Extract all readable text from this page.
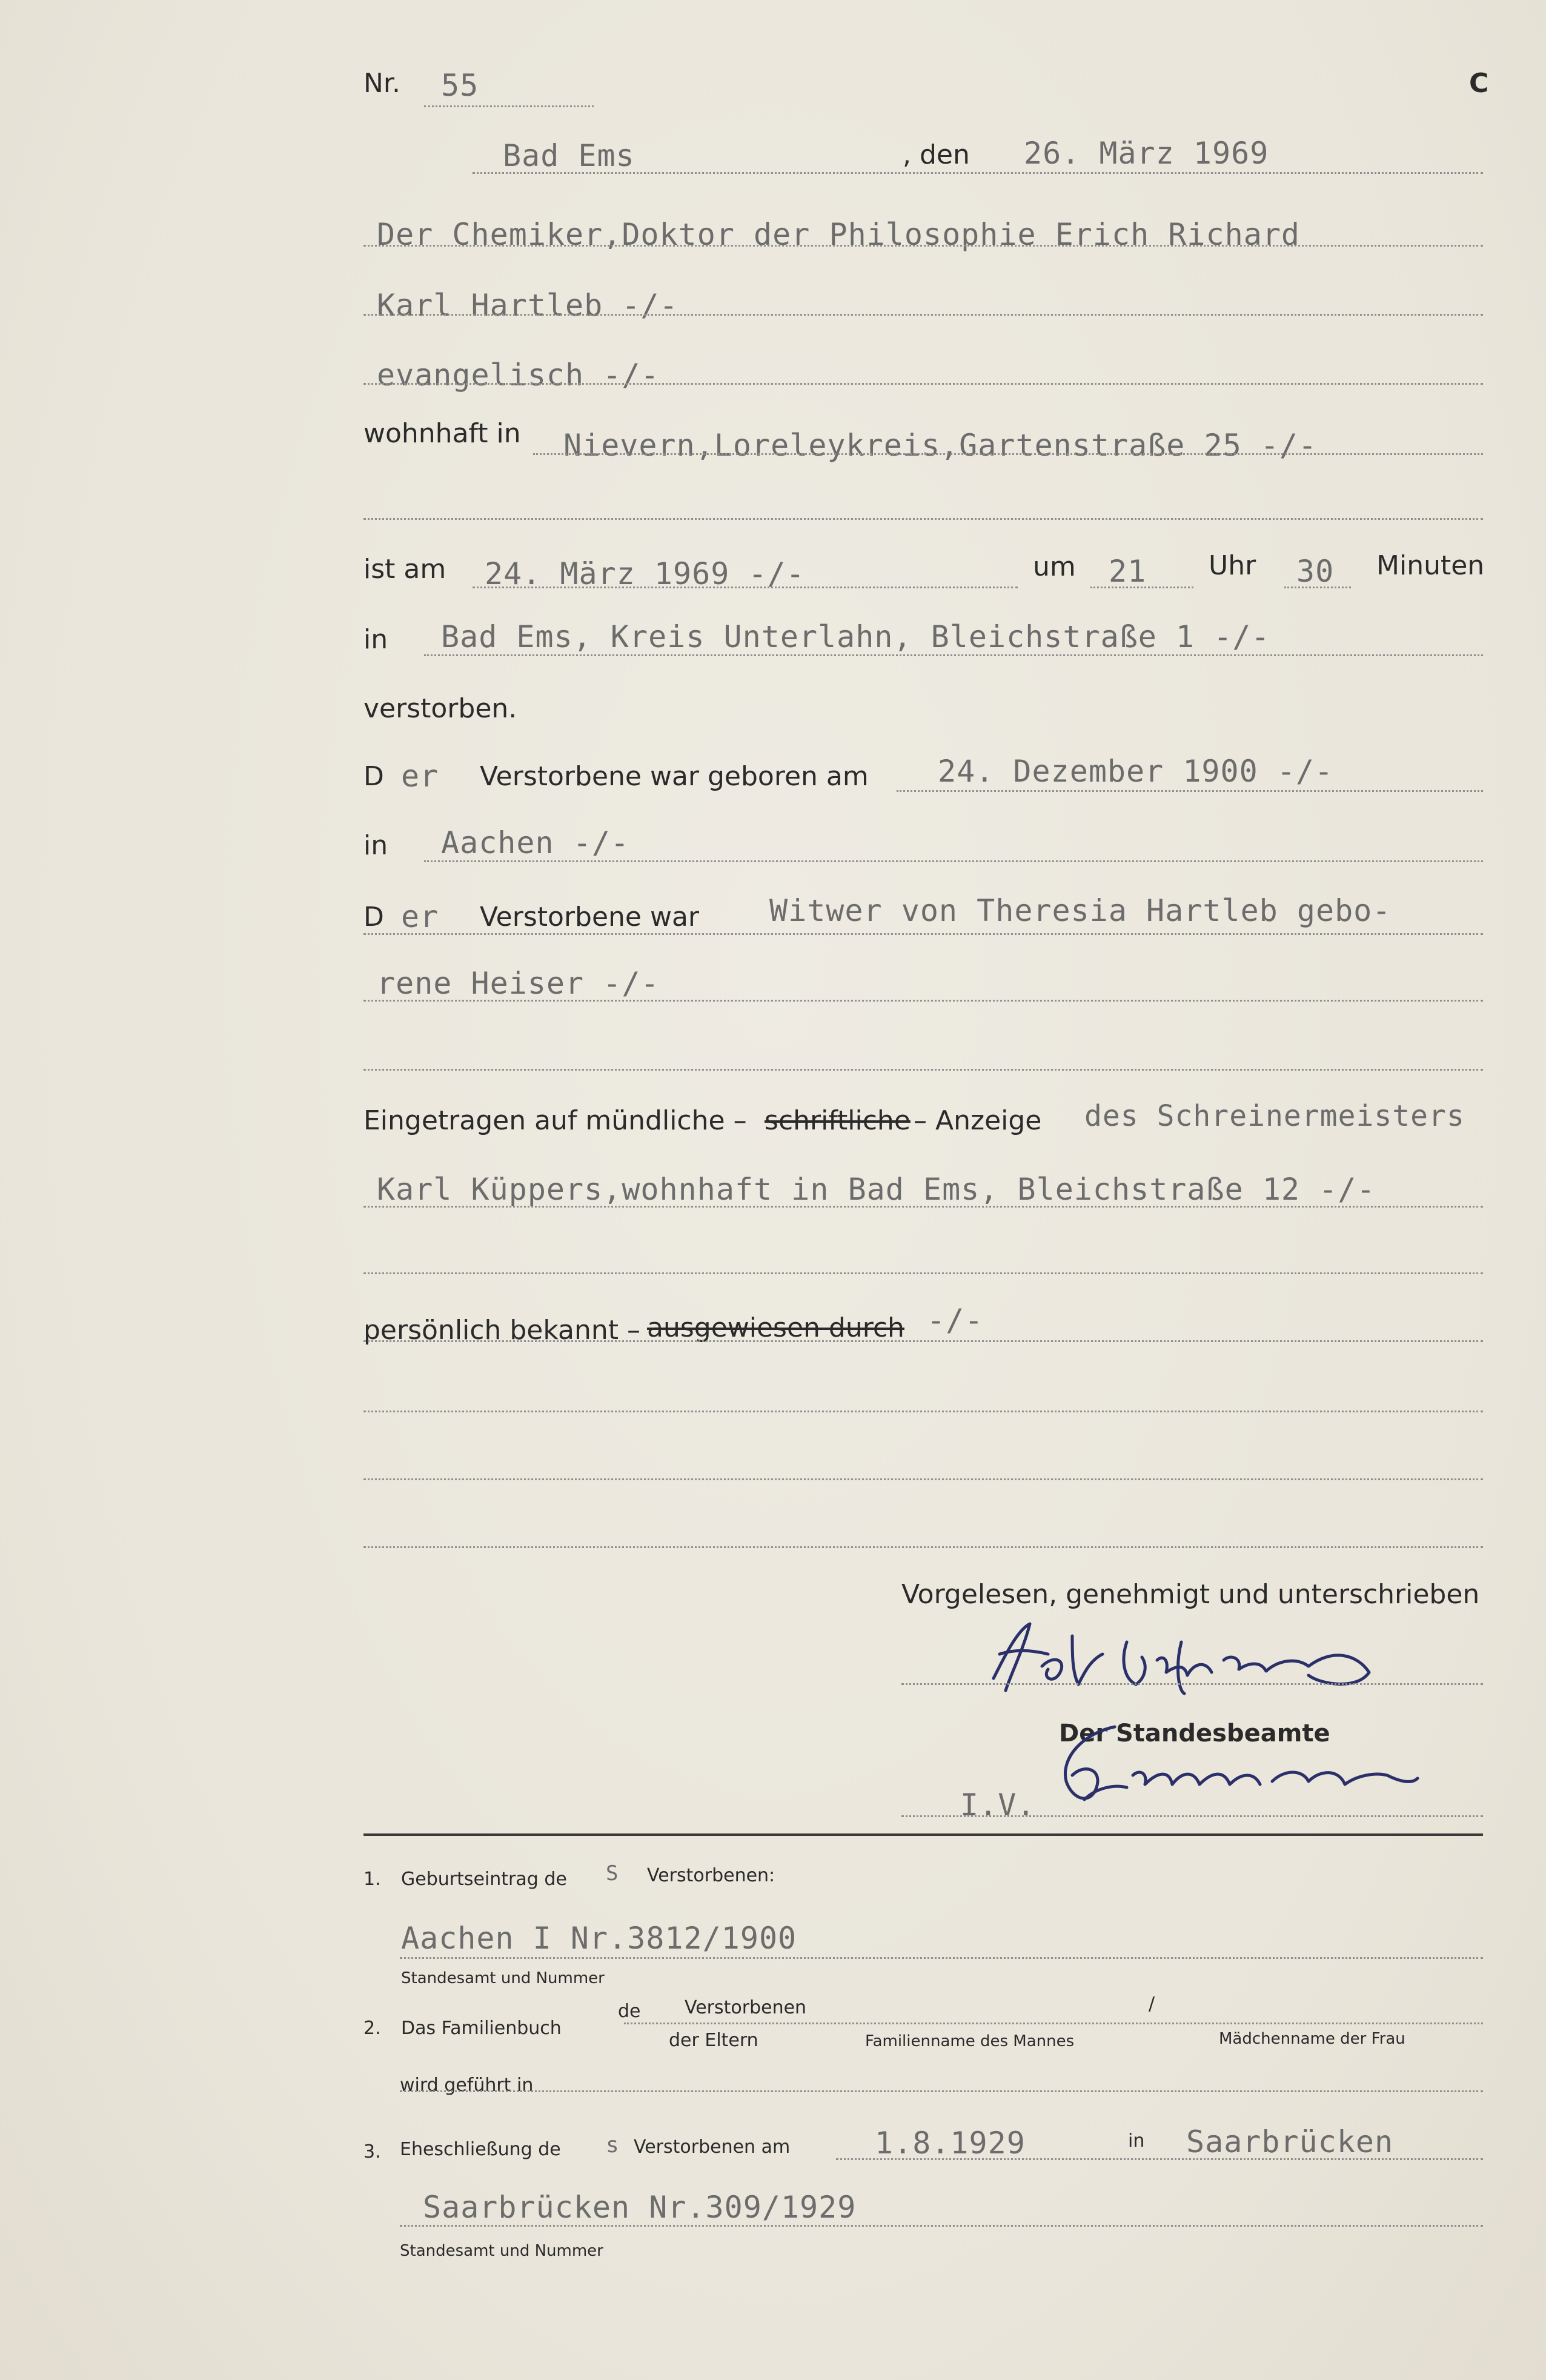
Nr. 55	C
Bad Ems	, den 26. März 1969
Der Chemiker,Doktor der Philosophie Erich Richard
Karl Hartleb -/-
evangelisch -/-
wohnhaft in Nievern,Loreleykreis,Gartenstraße 25 -/-
ist am 24. März 1969 -/-	um 21 Uhr 30 Minuten
in Bad Ems, Kreis Unterlahn, Bleichstraße 1 -/-
verstorben.
D er Verstorbene war geboren am 24. Dezember 1900 -/-
in Aachen -/-
D er Verstorbene war Witwer von Theresia Hartleb gebo-
rene Heiser -/-
Eingetragen auf mündliche – schriftliche – Anzeige des Schreinermeisters
Karl Küppers,wohnhaft in Bad Ems, Bleichstraße 12 -/-
persönlich bekannt – ausgewiesen durch -/-
Vorgelesen, genehmigt und unterschrieben
Der Standesbeamte
I.V.
1. Geburtseintrag de S Verstorbenen:
Aachen I Nr.3812/1900
Standesamt und Nummer
2. Das Familienbuch
de Verstorbenen
der Eltern
/
Familienname des Mannes	Mädchenname der Frau
wird geführt in
3. Eheschließung de s Verstorbenen am	1.8.1929	in Saarbrücken
Saarbrücken Nr.309/1929
Standesamt und Nummer
